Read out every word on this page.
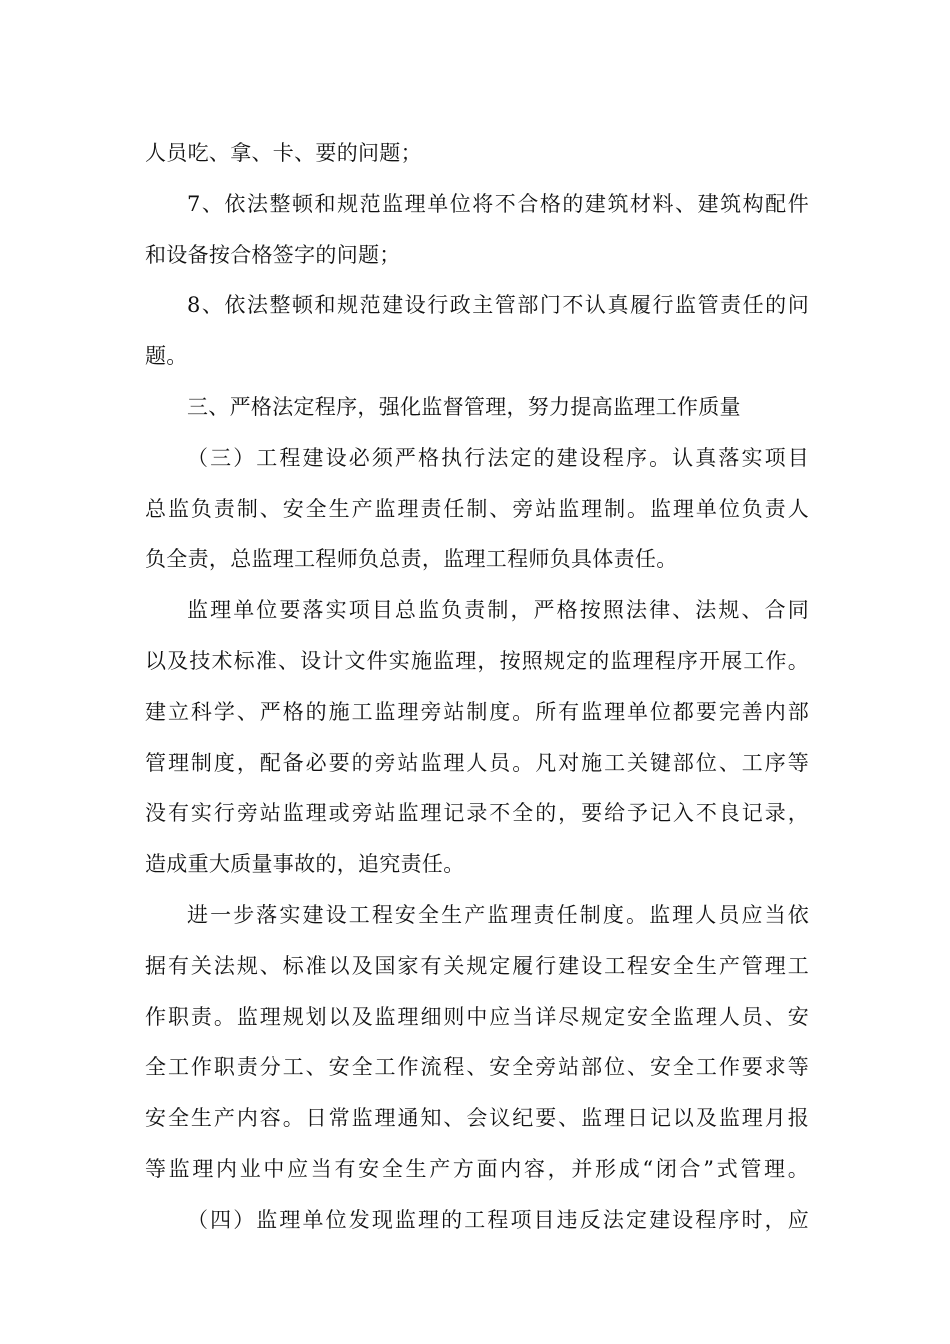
人员吃、拿、卡、要的问题；
7、依法整顿和规范监理单位将不合格的建筑材料、建筑构配件
和设备按合格签字的问题；
8、依法整顿和规范建设行政主管部门不认真履行监管责任的问
题。
三、严格法定程序，强化监督管理，努力提高监理工作质量
（三）工程建设必须严格执行法定的建设程序。认真落实项目
总监负责制、安全生产监理责任制、旁站监理制。监理单位负责人
负全责，总监理工程师负总责，监理工程师负具体责任。
监理单位要落实项目总监负责制，严格按照法律、法规、合同
以及技术标准、设计文件实施监理，按照规定的监理程序开展工作。
建立科学、严格的施工监理旁站制度。所有监理单位都要完善内部
管理制度，配备必要的旁站监理人员。凡对施工关键部位、工序等
没有实行旁站监理或旁站监理记录不全的，要给予记入不良记录，
造成重大质量事故的，追究责任。
进一步落实建设工程安全生产监理责任制度。监理人员应当依
据有关法规、标准以及国家有关规定履行建设工程安全生产管理工
作职责。监理规划以及监理细则中应当详尽规定安全监理人员、安
全工作职责分工、安全工作流程、安全旁站部位、安全工作要求等
安全生产内容。日常监理通知、会议纪要、监理日记以及监理月报
等监理内业中应当有安全生产方面内容，并形成“闭合”式管理。
（四）监理单位发现监理的工程项目违反法定建设程序时，应
